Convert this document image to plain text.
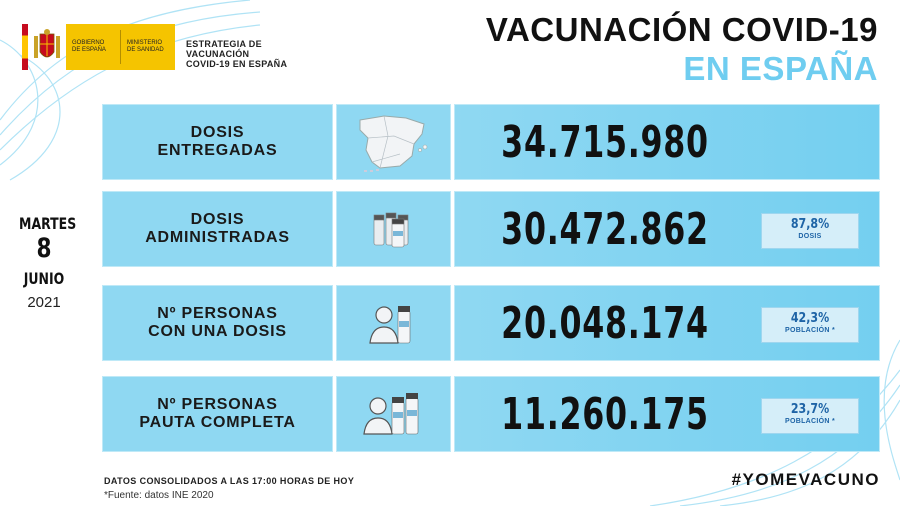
GOBIERNO DE ESPAÑA
MINISTERIO DE SANIDAD
ESTRATEGIA DE
VACUNACIÓN
COVID-19 EN ESPAÑA
VACUNACIÓN COVID-19
EN ESPAÑA
MARTES
8
JUNIO
2021
DOSIS
ENTREGADAS	34.715.980
DOSIS
ADMINISTRADAS	30.472.862	87,8%
DOSIS
Nº PERSONAS
CON UNA DOSIS	20.048.174	42,3%
POBLACIÓN *
Nº PERSONAS
PAUTA COMPLETA	11.260.175	23,7%
POBLACIÓN *
DATOS CONSOLIDADOS A LAS 17:00 HORAS DE HOY
*Fuente: datos INE 2020
#YOMEVACUNO
